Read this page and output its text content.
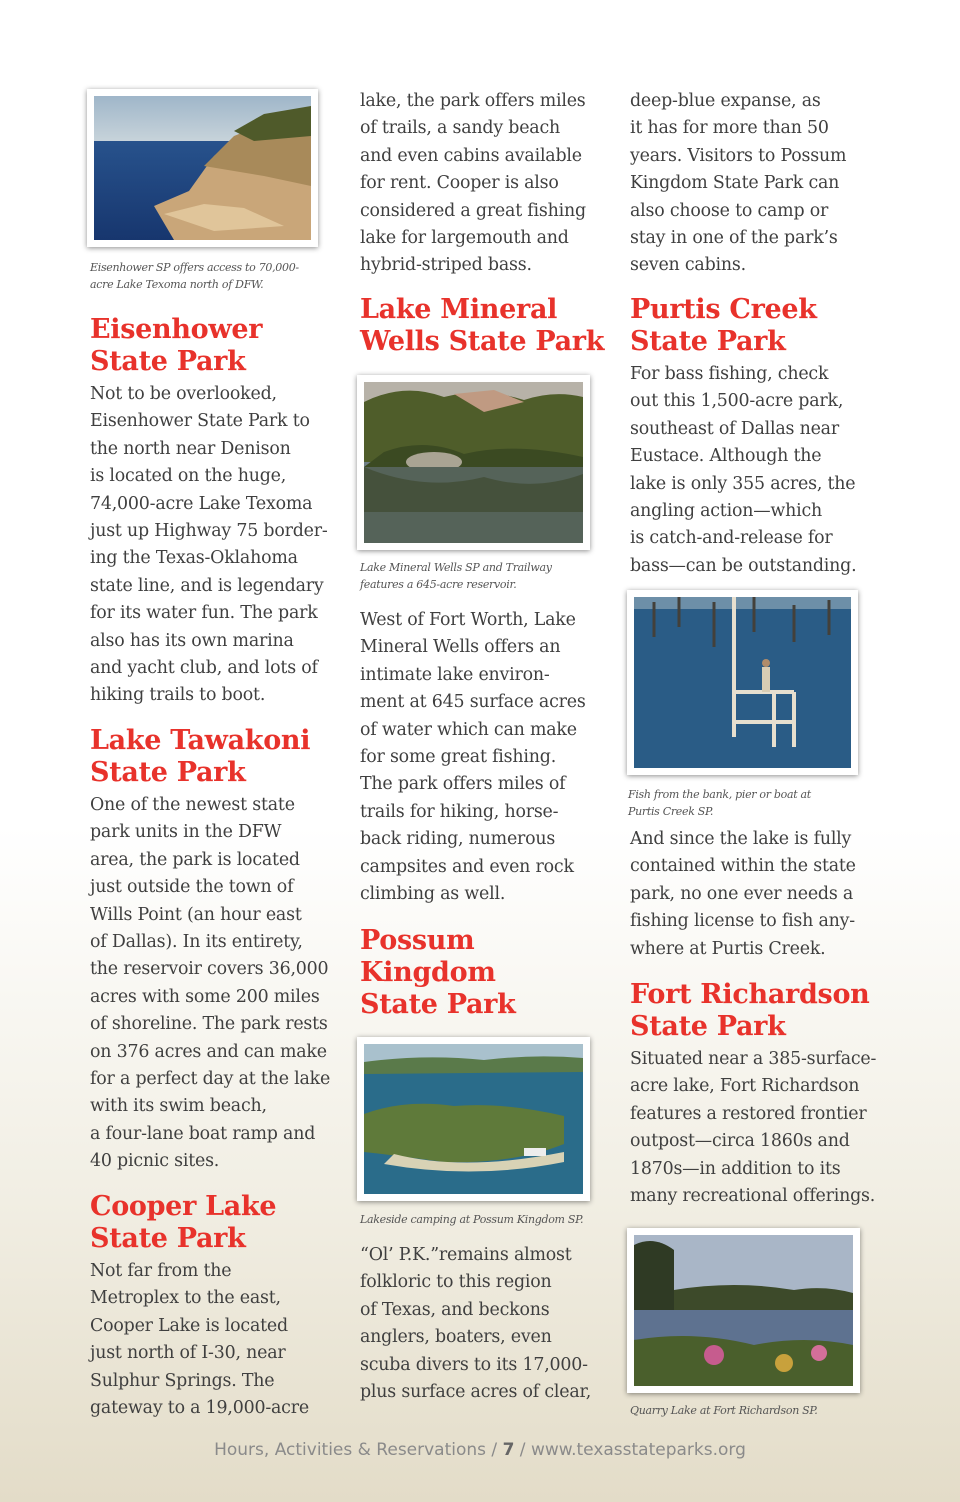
Eisenhower SP offers access to 70,000-
acre Lake Texoma north of DFW.

Eisenhower
State Park

Not to be overlooked,
Eisenhower State Park to
the north near Denison
is located on the huge,
74,000-acre Lake Texoma
just up Highway 75 border-
ing the Texas-Oklahoma
state line, and is legendary
for its water fun. The park
also has its own marina
and yacht club, and lots of
hiking trails to boot.

Lake Tawakoni
State Park

One of the newest state
park units in the DFW
area, the park is located
just outside the town of
Wills Point (an hour east
of Dallas). In its entirety,
the reservoir covers 36,000
acres with some 200 miles
of shoreline. The park rests
on 376 acres and can make
for a perfect day at the lake
with its swim beach,
a four-lane boat ramp and
40 picnic sites.

Cooper Lake
State Park

Not far from the
Metroplex to the east,
Cooper Lake is located
just north of I-30, near
Sulphur Springs. The
gateway to a 19,000-acre

lake, the park offers miles
of trails, a sandy beach
and even cabins available
for rent. Cooper is also
considered a great fishing
lake for largemouth and
hybrid-striped bass.

Lake Mineral
Wells State Park

Lake Mineral Wells SP and Trailway
features a 645-acre reservoir.

West of Fort Worth, Lake
Mineral Wells offers an
intimate lake environ-
ment at 645 surface acres
of water which can make
for some great fishing.
The park offers miles of
trails for hiking, horse-
back riding, numerous
campsites and even rock
climbing as well.

Possum
Kingdom
State Park

Lakeside camping at Possum Kingdom SP.

“Ol’ P.K.”remains almost
folkloric to this region
of Texas, and beckons
anglers, boaters, even
scuba divers to its 17,000-
plus surface acres of clear,

deep-blue expanse, as
it has for more than 50
years. Visitors to Possum
Kingdom State Park can
also choose to camp or
stay in one of the park’s
seven cabins.

Purtis Creek
State Park

For bass fishing, check
out this 1,500-acre park,
southeast of Dallas near
Eustace. Although the
lake is only 355 acres, the
angling action—which
is catch-and-release for
bass—can be outstanding.

Fish from the bank, pier or boat at
Purtis Creek SP.

And since the lake is fully
contained within the state
park, no one ever needs a
fishing license to fish any-
where at Purtis Creek.

Fort Richardson
State Park

Situated near a 385-surface-
acre lake, Fort Richardson
features a restored frontier
outpost—circa 1860s and
1870s—in addition to its
many recreational offerings.

Quarry Lake at Fort Richardson SP.

Hours, Activities & Reservations / 7 / www.texasstateparks.org
